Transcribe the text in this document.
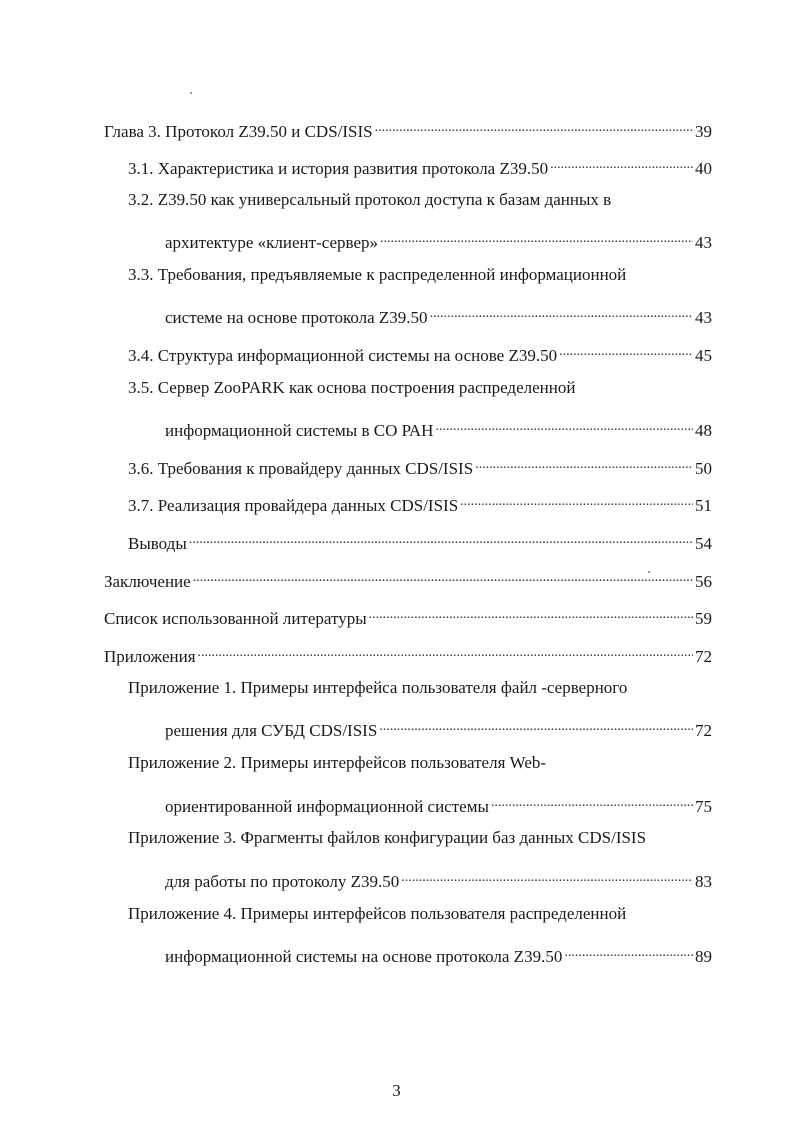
Глава 3. Протокол Z39.50 и CDS/ISIS .....	39
3.1. Характеристика и история развития протокола Z39.50 .....	40
3.2. Z39.50 как универсальный протокол доступа к базам данных в
архитектуре «клиент-сервер» .....	43
3.3. Требования, предъявляемые к распределенной информационной
системе на основе протокола Z39.50 .....	43
3.4. Структура информационной системы на основе Z39.50 .....	45
3.5. Сервер ZooPARK как основа построения распределенной
информационной системы в СО РАН .....	48
3.6. Требования к провайдеру данных CDS/ISIS .....	50
3.7. Реализация провайдера данных CDS/ISIS .....	51
Выводы .....	54
Заключение .....	56
Список использованной литературы .....	59
Приложения .....	72
Приложение 1. Примеры интерфейса пользователя файл -серверного
решения для СУБД CDS/ISIS .....	72
Приложение 2. Примеры интерфейсов пользователя Web-
ориентированной информационной системы .....	75
Приложение 3. Фрагменты файлов конфигурации баз данных CDS/ISIS
для работы по протоколу Z39.50 .....	83
Приложение 4. Примеры интерфейсов пользователя распределенной
информационной системы на основе протокола Z39.50 .....	89
3
